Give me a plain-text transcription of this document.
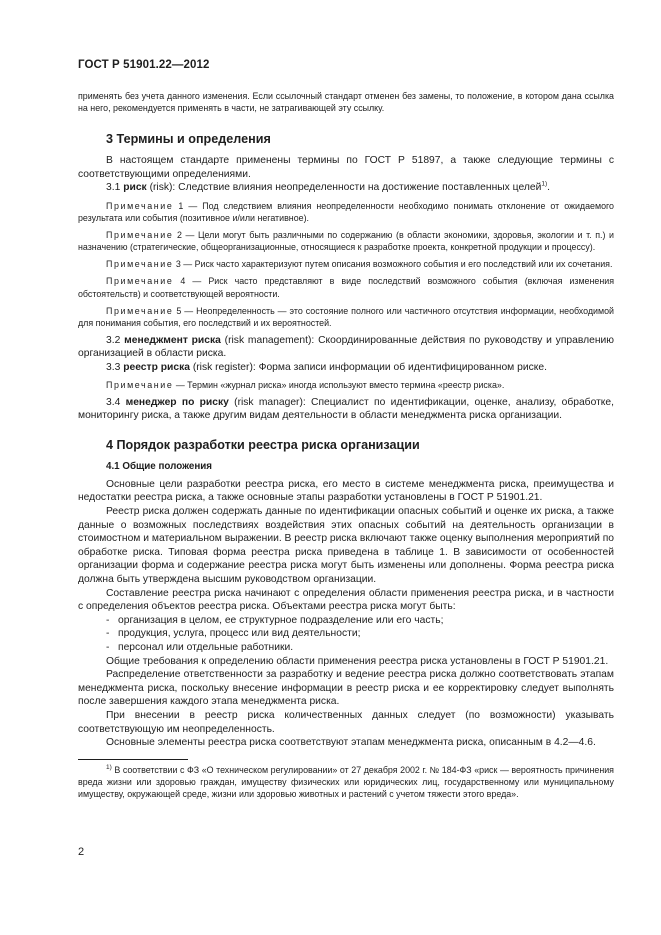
ГОСТ Р 51901.22—2012

применять без учета данного изменения. Если ссылочный стандарт отменен без замены, то положение, в котором дана ссылка на него, рекомендуется применять в части, не затрагивающей эту ссылку.

3 Термины и определения

В настоящем стандарте применены термины по ГОСТ Р 51897, а также следующие термины с соответствующими определениями.

3.1 риск (risk): Следствие влияния неопределенности на достижение поставленных целей$^{1)}$.

Примечание 1 — Под следствием влияния неопределенности необходимо понимать отклонение от ожидаемого результата или события (позитивное и/или негативное).

Примечание 2 — Цели могут быть различными по содержанию (в области экономики, здоровья, экологии и т. п.) и назначению (стратегические, общеорганизационные, относящиеся к разработке проекта, конкретной продукции и процессу).

Примечание 3 — Риск часто характеризуют путем описания возможного события и его последствий или их сочетания.

Примечание 4 — Риск часто представляют в виде последствий возможного события (включая изменения обстоятельств) и соответствующей вероятности.

Примечание 5 — Неопределенность — это состояние полного или частичного отсутствия информации, необходимой для понимания события, его последствий и их вероятностей.

3.2 менеджмент риска (risk management): Скоординированные действия по руководству и управлению организацией в области риска.

3.3 реестр риска (risk register): Форма записи информации об идентифицированном риске.

Примечание — Термин «журнал риска» иногда используют вместо термина «реестр риска».

3.4 менеджер по риску (risk manager): Специалист по идентификации, оценке, анализу, обработке, мониторингу риска, а также другим видам деятельности в области менеджмента риска организации.

4 Порядок разработки реестра риска организации
4.1 Общие положения

Основные цели разработки реестра риска, его место в системе менеджмента риска, преимущества и недостатки реестра риска, а также основные этапы разработки установлены в ГОСТ Р 51901.21.

Реестр риска должен содержать данные по идентификации опасных событий и оценке их риска, а также данные о возможных последствиях воздействия этих опасных событий на деятельность организации в стоимостном и материальном выражении. В реестр риска включают также оценку выполнения мероприятий по обработке риска. Типовая форма реестра риска приведена в таблице 1. В зависимости от особенностей организации форма и содержание реестра риска могут быть изменены или дополнены. Форма реестра риска должна быть утверждена высшим руководством организации.

Составление реестра риска начинают с определения области применения реестра риска, и в частности с определения объектов реестра риска. Объектами реестра риска могут быть:

- организация в целом, ее структурное подразделение или его часть;
- продукция, услуга, процесс или вид деятельности;
- персонал или отдельные работники.

Общие требования к определению области применения реестра риска установлены в ГОСТ Р 51901.21.

Распределение ответственности за разработку и ведение реестра риска должно соответствовать этапам менеджмента риска, поскольку внесение информации в реестр риска и ее корректировку следует выполнять после завершения каждого этапа менеджмента риска.

При внесении в реестр риска количественных данных следует (по возможности) указывать соответствующую им неопределенность.

Основные элементы реестра риска соответствуют этапам менеджмента риска, описанным в 4.2—4.6.

$^{1)}$ В соответствии с ФЗ «О техническом регулировании» от 27 декабря 2002 г. № 184-ФЗ «риск — вероятность причинения вреда жизни или здоровью граждан, имуществу физических или юридических лиц, государственному или муниципальному имуществу, окружающей среде, жизни или здоровью животных и растений с учетом тяжести этого вреда».

2
